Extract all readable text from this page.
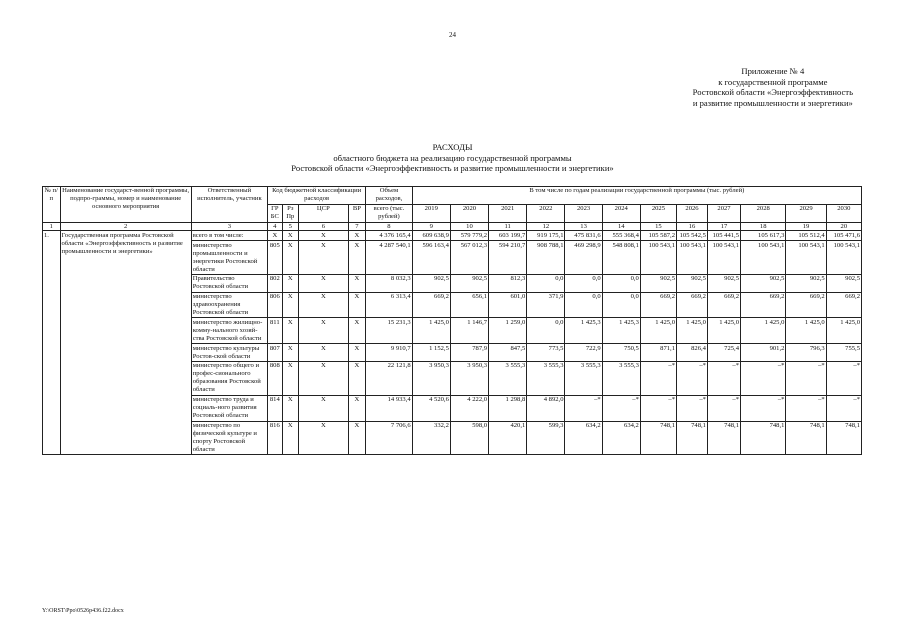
24
Приложение № 4
к государственной программе
Ростовской области «Энергоэффективность
и развитие промышленности и энергетики»
РАСХОДЫ
областного бюджета на реализацию государственной программы
Ростовской области «Энергоэффективность и развитие промышленности и энергетики»
№ п/п	Наименование государст-венной программы, подпро-граммы, номер и наименование основного мероприятия	Ответственный исполнитель, участник	Код бюджетной классификации расходов				Объем расходов,	В том числе по годам реализации государственной программы (тыс. рублей)											
			ГР БС	Рз Пр	ЦСР	ВР	всего (тыс. рублей)	2019	2020	2021	2022	2023	2024	2025	2026	2027	2028	2029	2030
1	2	3	4	5	6	7	8	9	10	11	12	13	14	15	16	17	18	19	20
1.	Государственная программа Ростовской области «Энергоэффективность и развитие промышленности и энергетики»	всего в том числе:	X	X	X	X	4 376 165,4	609 638,9	579 779,2	603 199,7	919 175,1	475 831,6	555 368,4	105 587,2	105 542,5	105 441,5	105 617,3	105 512,4	105 471,6
		министерство промышленности и энергетики Ростовской области	805	X	X	X	4 287 540,1	596 163,4	567 012,3	594 210,7	908 788,1	469 298,9	548 808,1	100 543,1	100 543,1	100 543,1	100 543,1	100 543,1	100 543,1
		Правительство Ростовской области	802	X	X	X	8 032,3	902,5	902,5	812,3	0,0	0,0	0,0	902,5	902,5	902,5	902,5	902,5	902,5
		министерство здравоохранения Ростовской области	806	X	X	X	6 313,4	669,2	656,1	601,0	371,9	0,0	0,0	669,2	669,2	669,2	669,2	669,2	669,2
		министерство жилищно-комму-нального хозяй-ства Ростовской области	811	X	X	X	15 231,3	1 425,0	1 146,7	1 259,0	0,0	1 425,3	1 425,3	1 425,0	1 425,0	1 425,0	1 425,0	1 425,0	1 425,0
		министерство культуры Ростов-ской области	807	X	X	X	9 910,7	1 152,5	787,9	847,5	773,5	722,9	750,5	871,1	826,4	725,4	901,2	796,3	755,5
		министерство общего и профес-сионального образования Ростовской области	808	X	X	X	22 121,8	3 950,3	3 950,3	3 555,3	3 555,3	3 555,3	3 555,3	–*	–*	–*	–*	–*	–*
		министерство труда и социаль-ного развития Ростовской области	814	X	X	X	14 933,4	4 520,6	4 222,0	1 298,8	4 892,0	–*	–*	–*	–*	–*	–*	–*	–*
		министерство по физической культуре и спорту Ростовской области	816	X	X	X	7 706,6	332,2	598,0	420,1	599,3	634,2	634,2	748,1	748,1	748,1	748,1	748,1	748,1
Y:\ORST\Ppo\0526p436.f22.docx
